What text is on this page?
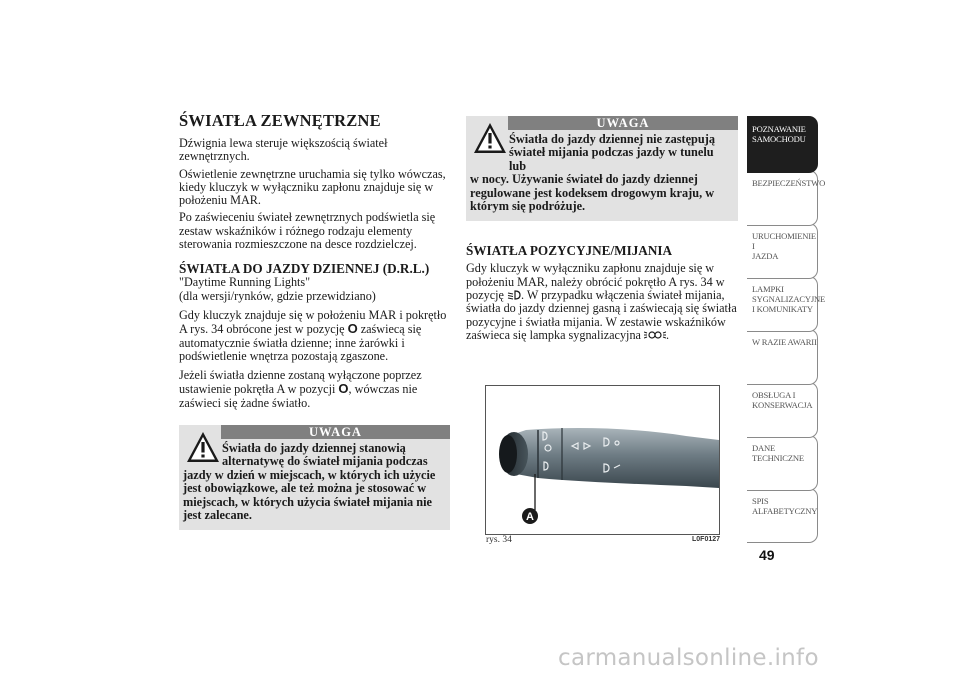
ŚWIATŁA ZEWNĘTRZNE

Dźwignia lewa steruje większością świateł zewnętrznych.

Oświetlenie zewnętrzne uruchamia się tylko wówczas, kiedy kluczyk w wyłączniku zapłonu znajduje się w położeniu MAR.

Po zaświeceniu świateł zewnętrznych podświetla się zestaw wskaźników i różnego rodzaju elementy sterowania rozmieszczone na desce rozdzielczej.

ŚWIATŁA DO JAZDY DZIENNEJ (D.R.L.)

"Daytime Running Lights"

(dla wersji/rynków, gdzie przewidziano)

Gdy kluczyk znajduje się w położeniu MAR i pokrętło A rys. 34 obrócone jest w pozycję O zaświecą się automatycznie światła dzienne; inne żarówki i podświetlenie wnętrza pozostają zgaszone.

Jeżeli światła dzienne zostaną wyłączone poprzez ustawienie pokrętła A w pozycji O, wówczas nie zaświeci się żadne światło.

UWAGA
Światła do jazdy dziennej stanowią alternatywę do świateł mijania podczas
jazdy w dzień w miejscach, w których ich użycie jest obowiązkowe, ale też można je stosować w miejscach, w których użycia świateł mijania nie jest zalecane.
UWAGA
Światła do jazdy dziennej nie zastępują świateł mijania podczas jazdy w tunelu lub
w nocy. Używanie świateł do jazdy dziennej regulowane jest kodeksem drogowym kraju, w którym się podróżuje.
ŚWIATŁA POZYCYJNE/MIJANIA

Gdy kluczyk w wyłączniku zapłonu znajduje się w położeniu MAR, należy obrócić pokrętło A rys. 34 w pozycję . W przypadku włączenia świateł mijania, światła do jazdy dziennej gasną i zaświecają się światła pozycyjne i światła mijania. W zestawie wskaźników zaświeca się lampka sygnalizacyjna .

A
rys. 34	L0F0127
POZNAWANIE
SAMOCHODU
BEZPIECZEŃSTWO
URUCHOMIENIE I
JAZDA
LAMPKI
SYGNALIZACYJNE
I KOMUNIKATY
W RAZIE AWARII
OBSŁUGA I
KONSERWACJA
DANE
TECHNICZNE
SPIS
ALFABETYCZNY
49
carmanualsonline.info
